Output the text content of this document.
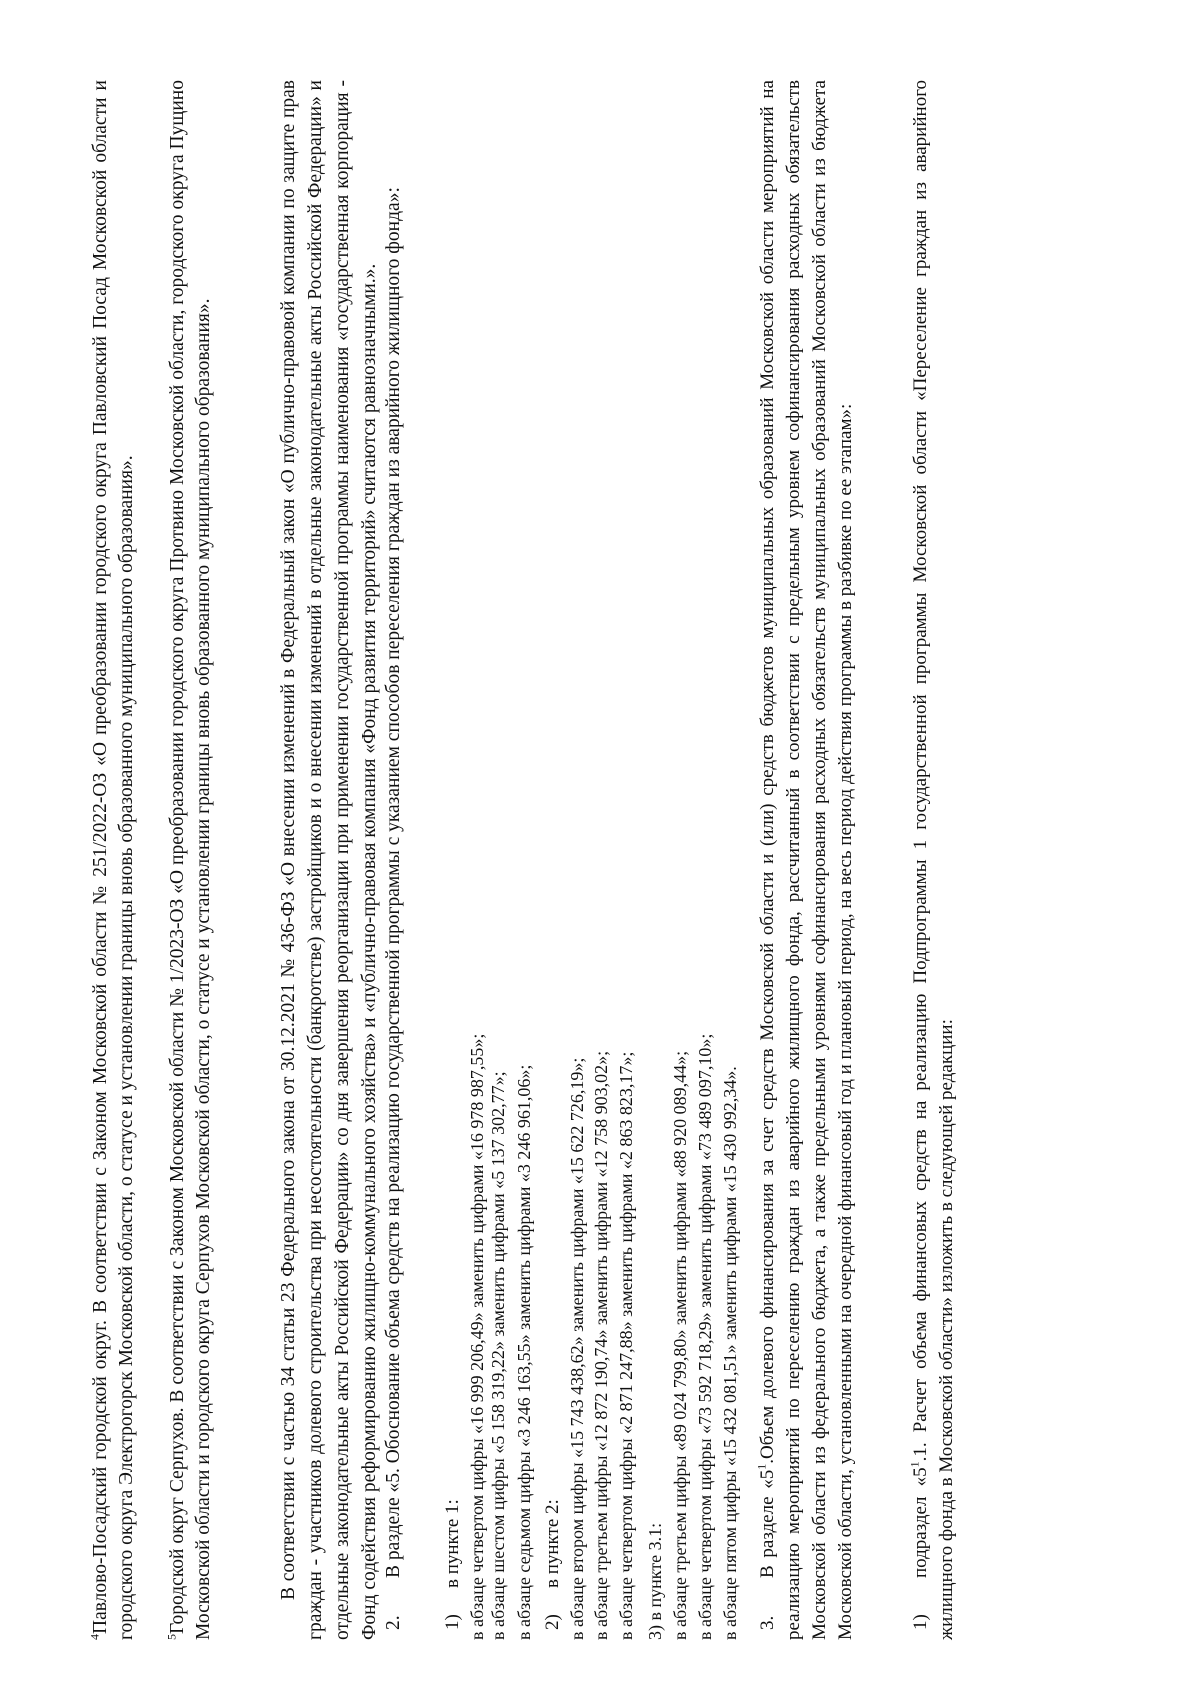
$^4$Павлово-Посадский городской округ. В соответствии с Законом Московской области № 251/2022-ОЗ «О преобразовании городского округа Павловский Посад Московской области и городского округа Электрогорск Московской области, о статусе и установлении границы вновь образованного муниципального образования». $^5$Городской округ Серпухов. В соответствии с Законом Московской области № 1/2023-ОЗ «О преобразовании городского округа Протвино Московской области, городского округа Пущино Московской области и городского округа Серпухов Московской области, о статусе и установлении границы вновь образованного муниципального образования».	В соответствии с частью 34 статьи 23 Федерального закона от 30.12.2021 № 436-ФЗ «О внесении изменений в Федеральный закон «О публично-правовой компании по защите прав граждан - участников долевого строительства при несостоятельности (банкротстве) застройщиков и о внесении изменений в отдельные законодательные акты Российской Федерации» и отдельные законодательные акты Российской Федерации» со дня завершения реорганизации при применении государственной программы наименования «государственная корпорация - Фонд содействия реформированию жилищно-коммунального хозяйства» и «публично-правовая компания «Фонд развития территорий» считаются равнозначными.». 2.В разделе «5. Обоснование объема средств на реализацию государственной программы с указанием способов переселения граждан из аварийного жилищного фонда»:
1)
в пункте 1: в абзаце четвертом цифры «16 999 206,49» заменить цифрами «16 978 987,55»; в абзаце шестом цифры «5 158 319,22» заменить цифрами «5 137 302,77»; в абзаце седьмом цифры «3 246 163,55» заменить цифрами «3 246 961,06»; 2)
в пункте 2: в абзаце втором цифры «15 743 438,62» заменить цифрами «15 622 726,19»; в абзаце третьем цифры «12 872 190,74» заменить цифрами «12 758 903,02»; в абзаце четвертом цифры «2 871 247,88» заменить цифрами «2 863 823,17»; 3) в пункте 3.1: в абзаце третьем цифры «89 024 799,80» заменить цифрами «88 920 089,44»; в абзаце четвертом цифры «73 592 718,29» заменить цифрами «73 489 097,10»; в абзаце пятом цифры «15 432 081,51» заменить цифрами «15 430 992,34». 3.В разделе «$5^1.Объем$ долевого финансирования за счет средств Московской области и (или) средств бюджетов муниципальных образований Московской области мероприятий на реализацию мероприятий по переселению граждан из аварийного жилищного фонда, рассчитанный в соответствии с предельным уровнем софинансирования расходных обязательств Московской области из федерального бюджета, а также предельными уровнями софинансирования расходных обязательств муниципальных образований Московской области из бюджета Московской области, установленными на очередной финансовый год и плановый период, на весь период действия программы в разбивке по ее этапам»:	1)подраздел «$5^1.1$. Расчет объема финансовых средств на реализацию Подпрограммы 1 государственной программы Московской области «Переселение граждан из аварийного жилищного фонда в Московской области» изложить в следующей редакции:
